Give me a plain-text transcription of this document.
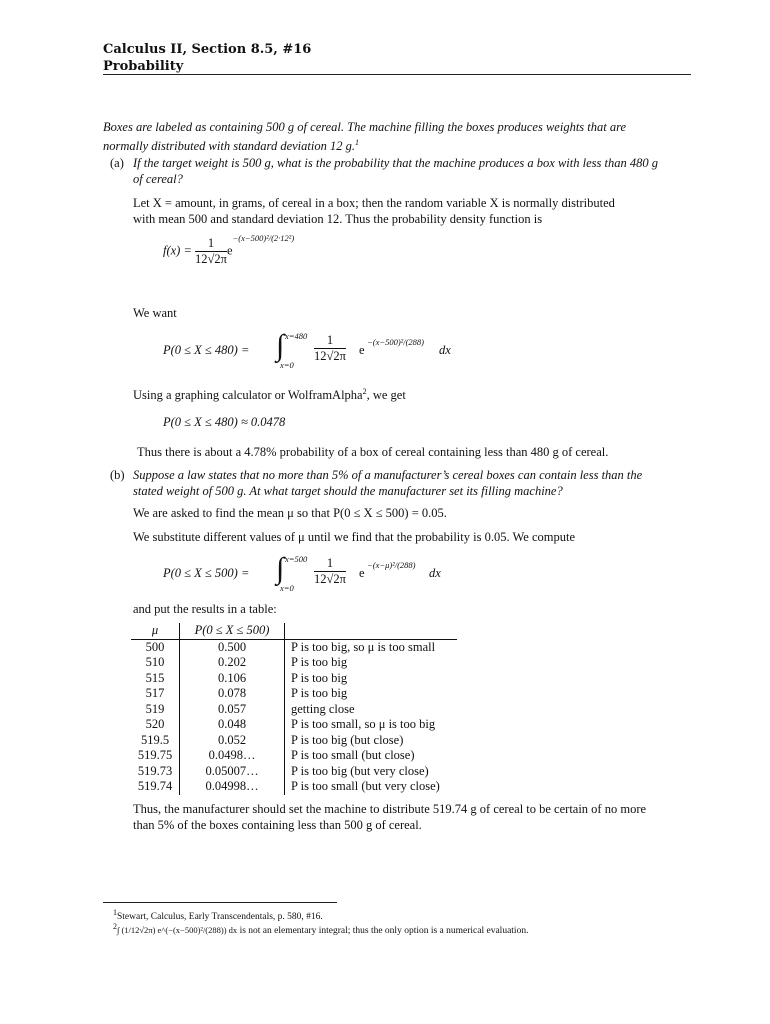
Calculus II, Section 8.5, #16
Probability
Boxes are labeled as containing 500 g of cereal. The machine filling the boxes produces weights that are
normally distributed with standard deviation 12 g.$^1$
(a) If the target weight is 500 g, what is the probability that the machine produces a box with less than 480 g
of cereal?
Let X = amount, in grams, of cereal in a box; then the random variable X is normally distributed
with mean 500 and standard deviation 12. Thus the probability density function is
$f(x) = \frac{1}{12√2\pi} e^{-(x-500)^2/(2\cdot 12^2)}$
We want
P(0 ≤ X ≤ 480) = ∫ x=480
x=0
$\frac{1}{12√2\pi}$ e
−(x−500)²/(288)
dx
Using a graphing calculator or WolframAlpha$^2$, we get
P(0 ≤ X ≤ 480) ≈ 0.0478
Thus there is about a 4.78% probability of a box of cereal containing less than 480 g of cereal.
(b) Suppose a law states that no more than 5% of a manufacturer’s cereal boxes can contain less than the
stated weight of 500 g. At what target should the manufacturer set its filling machine?
We are asked to find the mean μ so that P(0 ≤ X ≤ 500) = 0.05.
We substitute different values of μ until we find that the probability is 0.05. We compute
P(0 ≤ X ≤ 500) = ∫ x=500
x=0
$\frac{1}{12√2\pi}$ e
−(x−μ)²/(288)
dx
and put the results in a table:
μ	P(0 ≤ X ≤ 500)	
500	0.500	P is too big, so μ is too small
510	0.202	P is too big
515	0.106	P is too big
517	0.078	P is too big
519	0.057	getting close
520	0.048	P is too small, so μ is too big
519.5	0.052	P is too big (but close)
519.75	0.0498…	P is too small (but close)
519.73	0.05007…	P is too big (but very close)
519.74	0.04998…	P is too small (but very close)
Thus, the manufacturer should set the machine to distribute 519.74 g of cereal to be certain of no more
than 5% of the boxes containing less than 500 g of cereal.
$^1$Stewart, Calculus, Early Transcendentals, p. 580, #16.
$^2$∫ (1/12√2π) e^(−(x−500)²/(288)) dx is not an elementary integral; thus the only option is a numerical evaluation.
